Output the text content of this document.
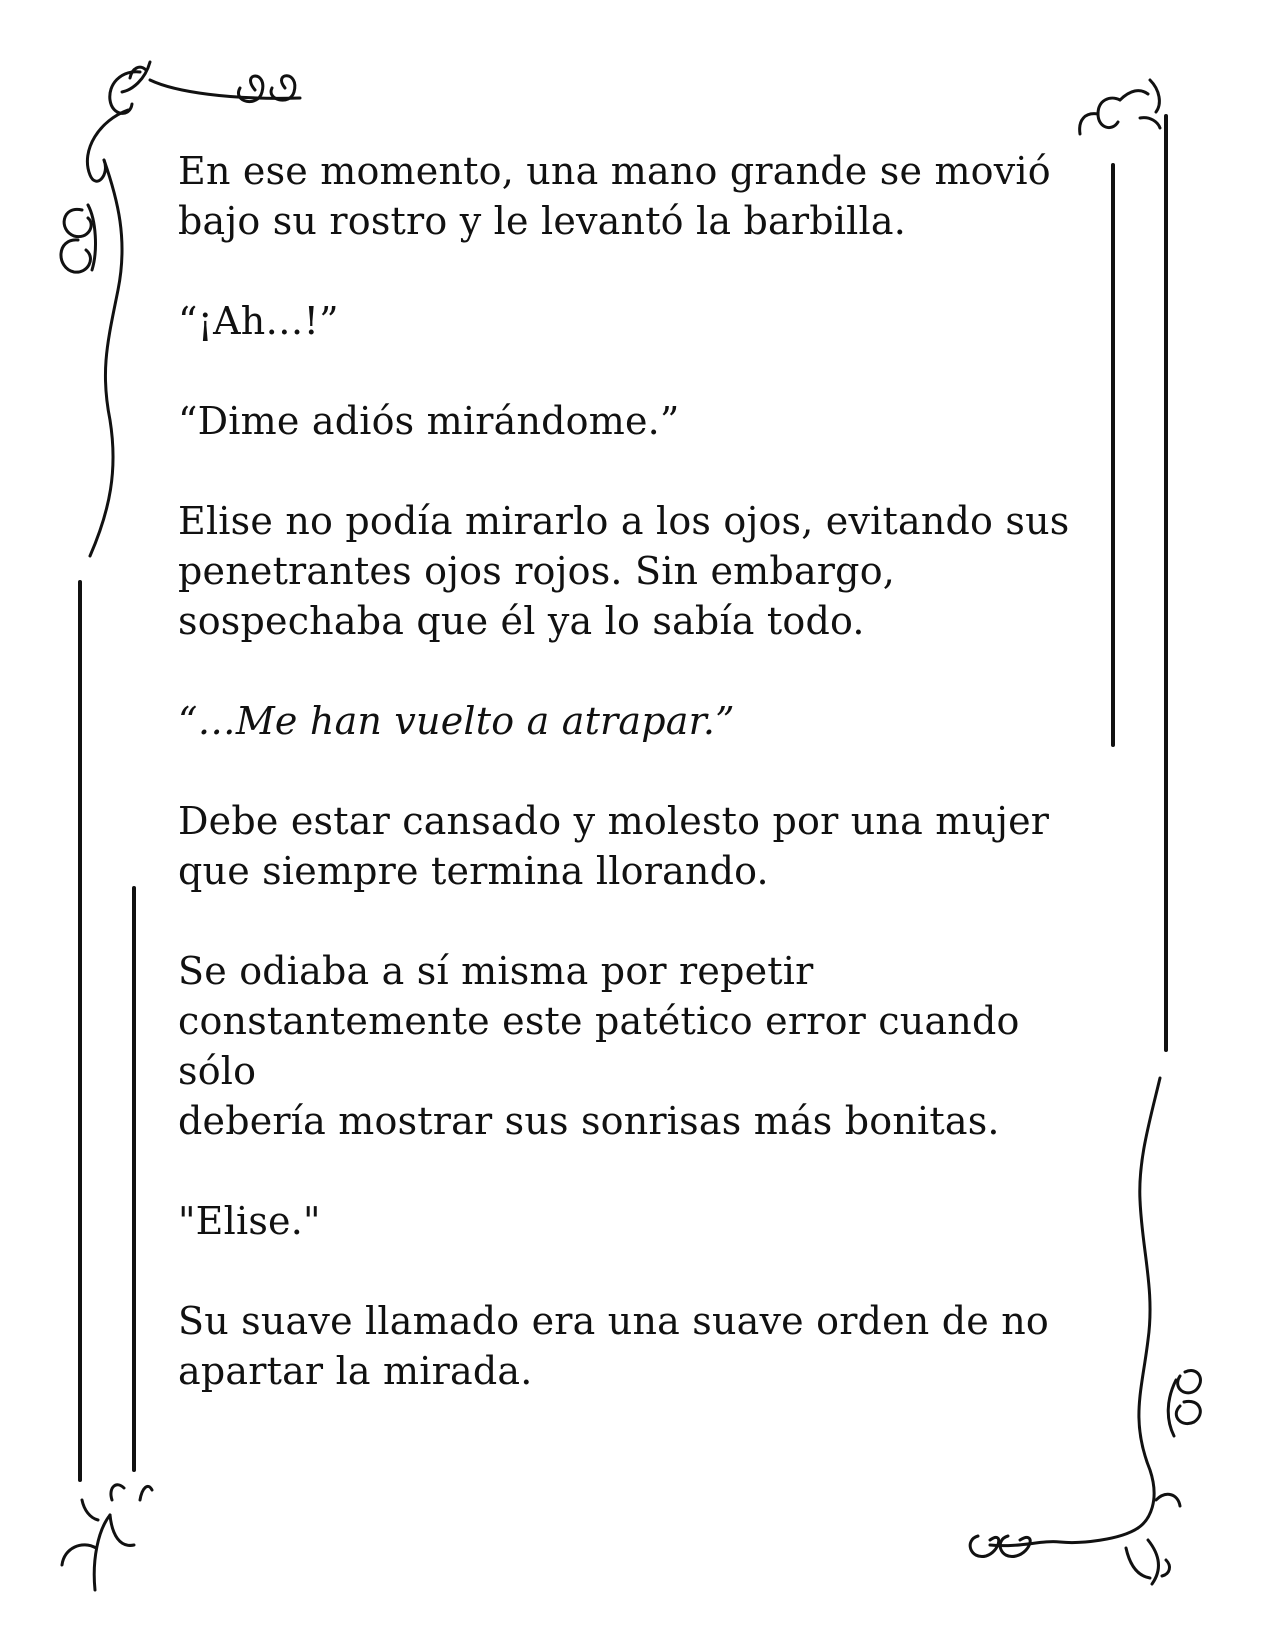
En ese momento, una mano grande se movió
bajo su rostro y le levantó la barbilla.

“¡Ah…!”

“Dime adiós mirándome.”

Elise no podía mirarlo a los ojos, evitando sus
penetrantes ojos rojos. Sin embargo,
sospechaba que él ya lo sabía todo.

“…Me han vuelto a atrapar.”

Debe estar cansado y molesto por una mujer
que siempre termina llorando.

Se odiaba a sí misma por repetir
constantemente este patético error cuando sólo
debería mostrar sus sonrisas más bonitas.

"Elise."

Su suave llamado era una suave orden de no
apartar la mirada.
